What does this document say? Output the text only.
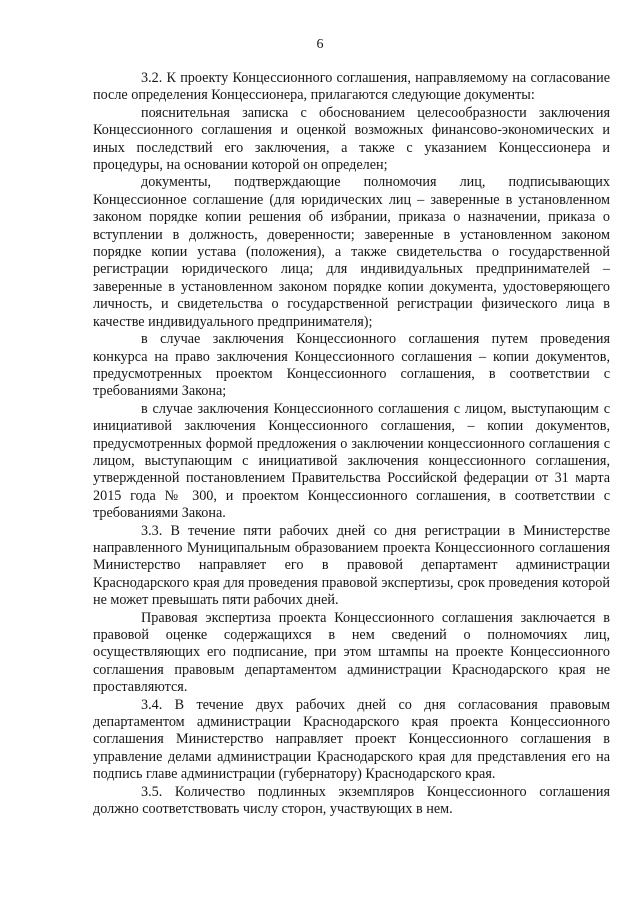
6

3.2. К проекту Концессионного соглашения, направляемому на согласование после определения Концессионера, прилагаются следующие документы:

пояснительная записка с обоснованием целесообразности заключения Концессионного соглашения и оценкой возможных финансово-экономических и иных последствий его заключения, а также с указанием Концессионера и процедуры, на основании которой он определен;

документы, подтверждающие полномочия лиц, подписывающих Концессионное соглашение (для юридических лиц – заверенные в установленном законом порядке копии решения об избрании, приказа о назначении, приказа о вступлении в должность, доверенности; заверенные в установленном законом порядке копии устава (положения), а также свидетельства о государственной регистрации юридического лица; для индивидуальных предпринимателей – заверенные в установленном законом порядке копии документа, удостоверяющего личность, и свидетельства о государственной регистрации физического лица в качестве индивидуального предпринимателя);

в случае заключения Концессионного соглашения путем проведения конкурса на право заключения Концессионного соглашения – копии документов, предусмотренных проектом Концессионного соглашения, в соответствии с требованиями Закона;

в случае заключения Концессионного соглашения с лицом, выступающим с инициативой заключения Концессионного соглашения, – копии документов, предусмотренных формой предложения о заключении концессионного соглашения с лицом, выступающим с инициативой заключения концессионного соглашения, утвержденной постановлением Правительства Российской федерации от 31 марта 2015 года № 300, и проектом Концессионного соглашения, в соответствии с требованиями Закона.

3.3. В течение пяти рабочих дней со дня регистрации в Министерстве направленного Муниципальным образованием проекта Концессионного соглашения Министерство направляет его в правовой департамент администрации Краснодарского края для проведения правовой экспертизы, срок проведения которой не может превышать пяти рабочих дней.

Правовая экспертиза проекта Концессионного соглашения заключается в правовой оценке содержащихся в нем сведений о полномочиях лиц, осуществляющих его подписание, при этом штампы на проекте Концессионного соглашения правовым департаментом администрации Краснодарского края не проставляются.

3.4. В течение двух рабочих дней со дня согласования правовым департаментом администрации Краснодарского края проекта Концессионного соглашения Министерство направляет проект Концессионного соглашения в управление делами администрации Краснодарского края для представления его на подпись главе администрации (губернатору) Краснодарского края.

3.5. Количество подлинных экземпляров Концессионного соглашения должно соответствовать числу сторон, участвующих в нем.
